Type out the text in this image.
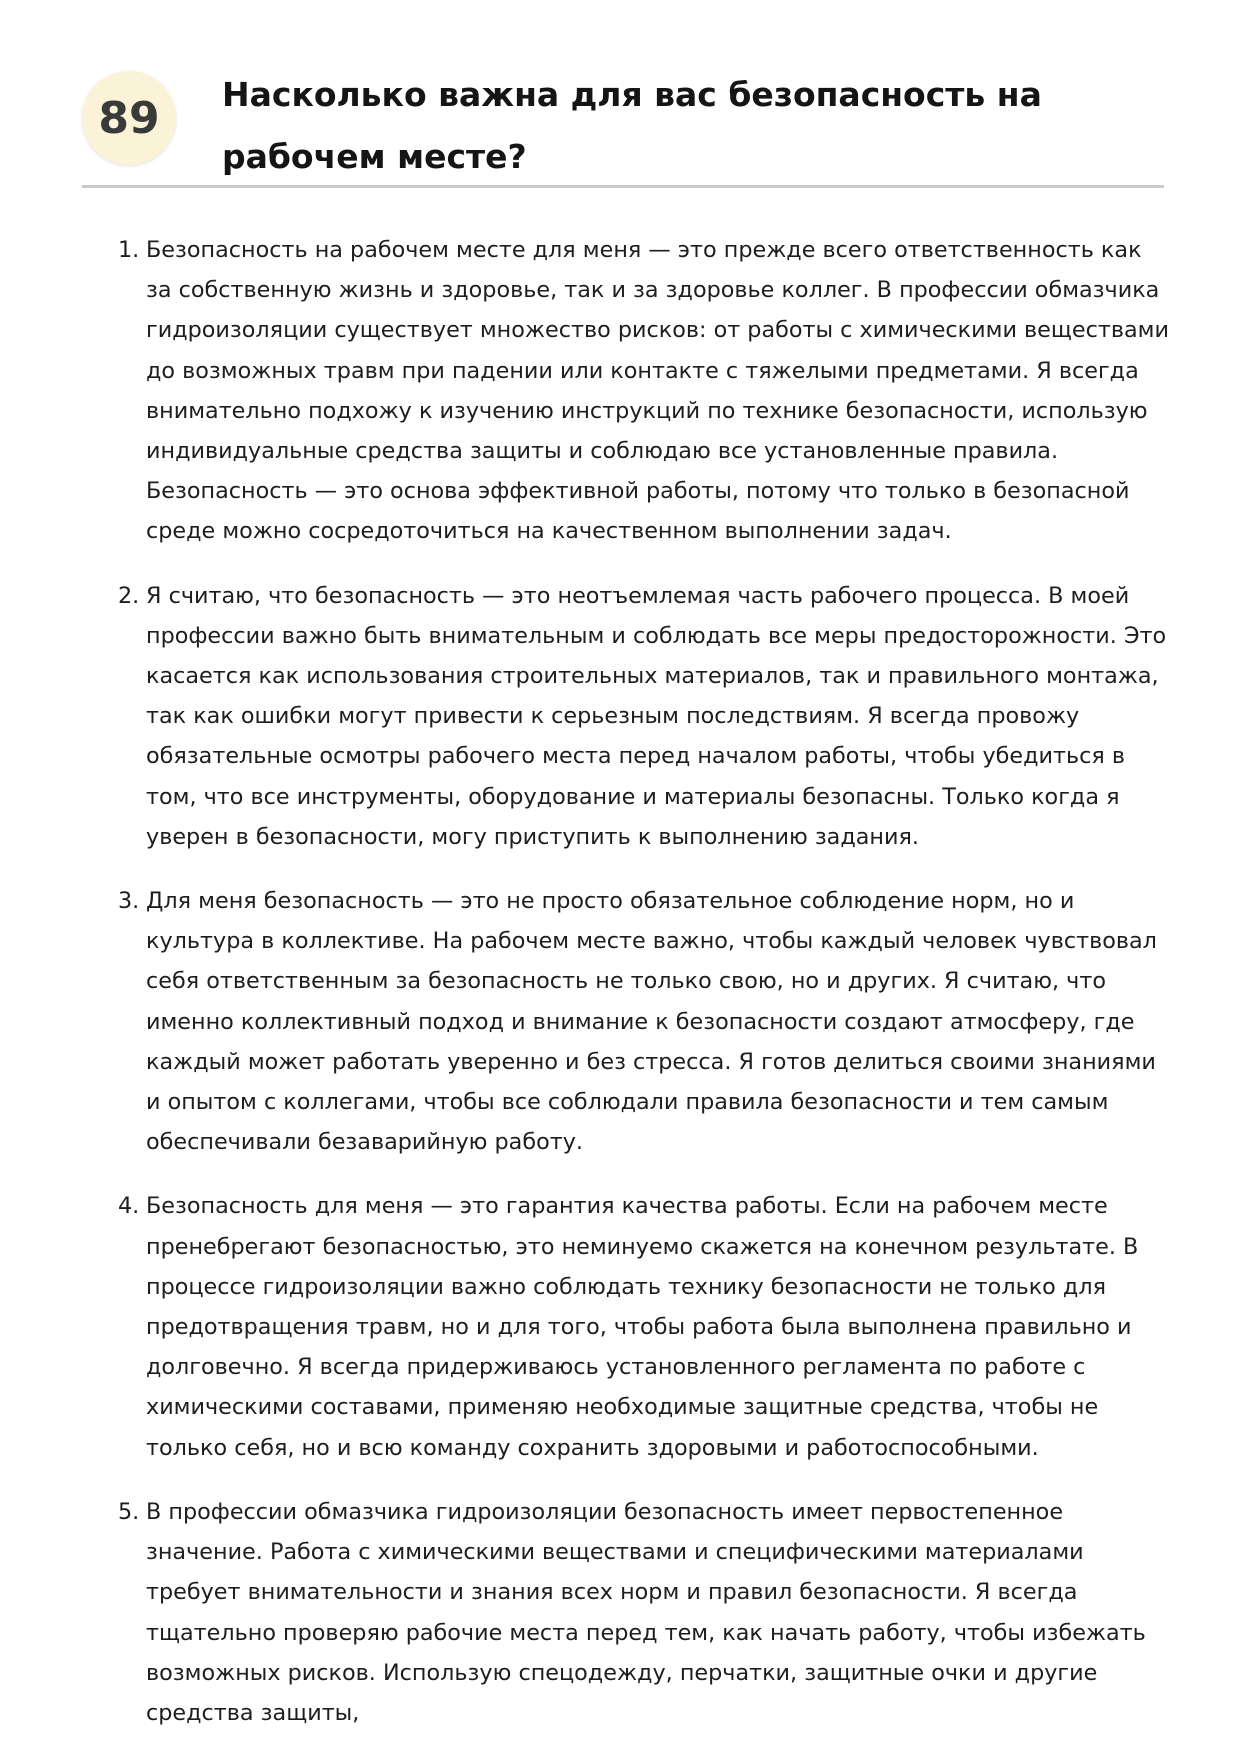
89	Насколько важна для вас безопасность на рабочем месте?
1. Безопасность на рабочем месте для меня — это прежде всего ответственность как за собственную жизнь и здоровье, так и за здоровье коллег. В профессии обмазчика гидроизоляции существует множество рисков: от работы с химическими веществами до возможных травм при падении или контакте с тяжелыми предметами. Я всегда внимательно подхожу к изучению инструкций по технике безопасности, использую индивидуальные средства защиты и соблюдаю все установленные правила. Безопасность — это основа эффективной работы, потому что только в безопасной среде можно сосредоточиться на качественном выполнении задач.
2. Я считаю, что безопасность — это неотъемлемая часть рабочего процесса. В моей профессии важно быть внимательным и соблюдать все меры предосторожности. Это касается как использования строительных материалов, так и правильного монтажа, так как ошибки могут привести к серьезным последствиям. Я всегда провожу обязательные осмотры рабочего места перед началом работы, чтобы убедиться в том, что все инструменты, оборудование и материалы безопасны. Только когда я уверен в безопасности, могу приступить к выполнению задания.
3. Для меня безопасность — это не просто обязательное соблюдение норм, но и культура в коллективе. На рабочем месте важно, чтобы каждый человек чувствовал себя ответственным за безопасность не только свою, но и других. Я считаю, что именно коллективный подход и внимание к безопасности создают атмосферу, где каждый может работать уверенно и без стресса. Я готов делиться своими знаниями и опытом с коллегами, чтобы все соблюдали правила безопасности и тем самым обеспечивали безаварийную работу.
4. Безопасность для меня — это гарантия качества работы. Если на рабочем месте пренебрегают безопасностью, это неминуемо скажется на конечном результате. В процессе гидроизоляции важно соблюдать технику безопасности не только для предотвращения травм, но и для того, чтобы работа была выполнена правильно и долговечно. Я всегда придерживаюсь установленного регламента по работе с химическими составами, применяю необходимые защитные средства, чтобы не только себя, но и всю команду сохранить здоровыми и работоспособными.
5. В профессии обмазчика гидроизоляции безопасность имеет первостепенное значение. Работа с химическими веществами и специфическими материалами требует внимательности и знания всех норм и правил безопасности. Я всегда тщательно проверяю рабочие места перед тем, как начать работу, чтобы избежать возможных рисков. Использую спецодежду, перчатки, защитные очки и другие средства защиты,
